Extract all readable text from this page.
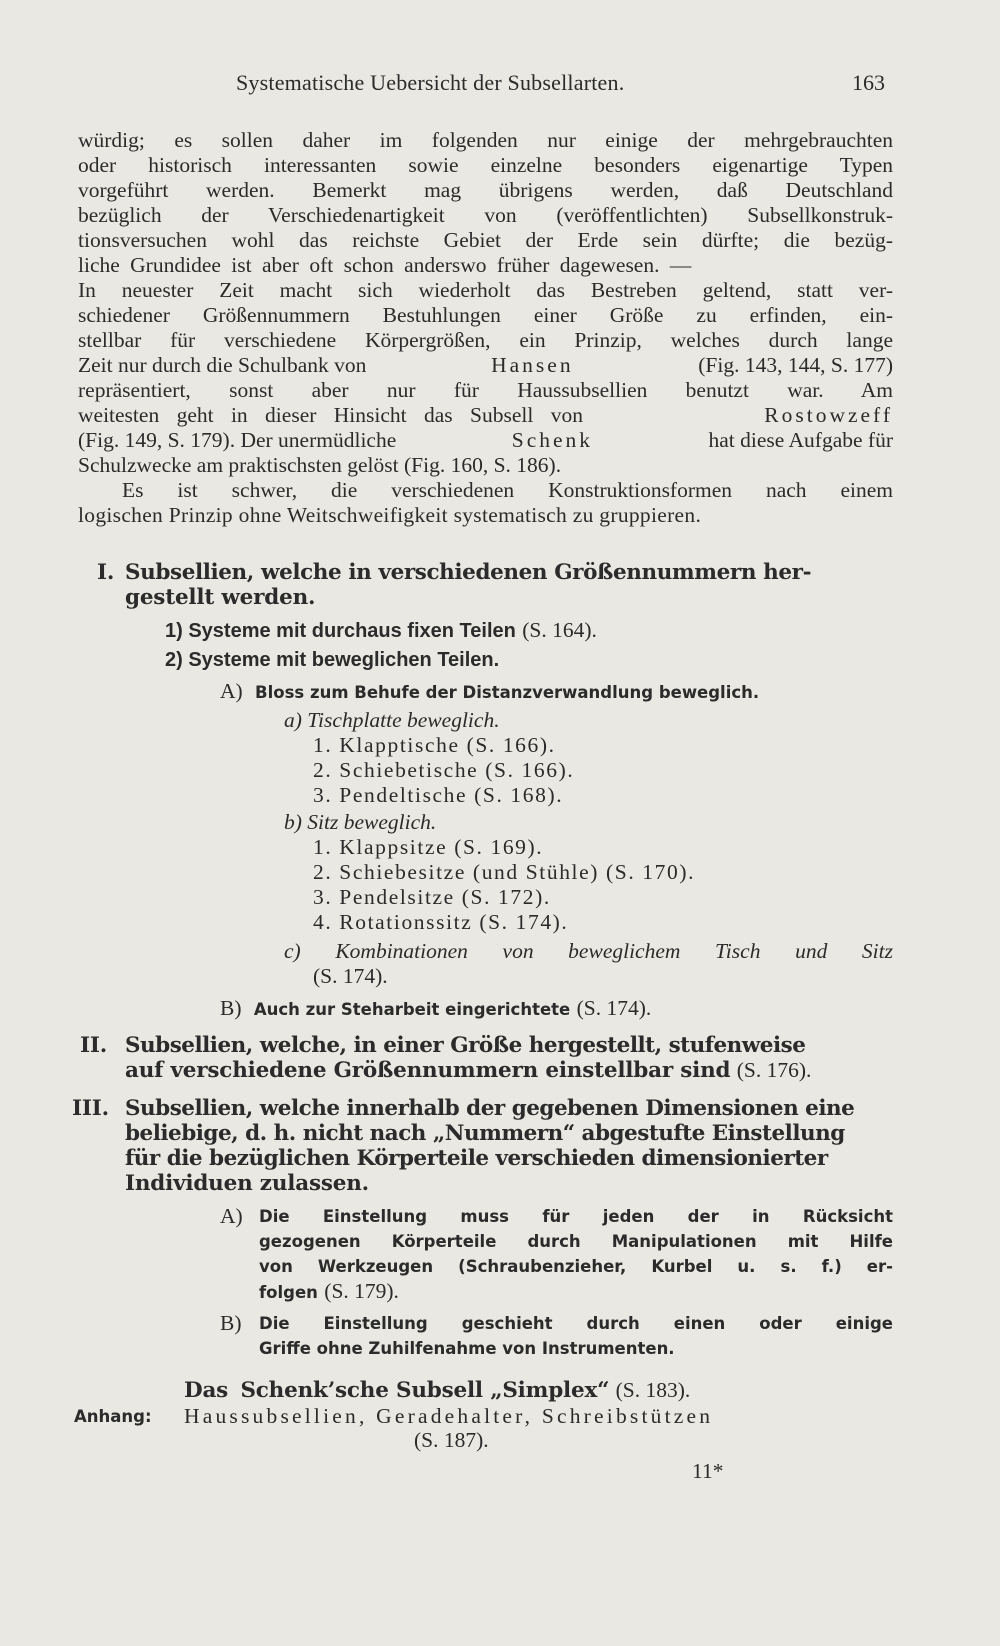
Systematische Uebersicht der Subsellarten.	163
würdig; es sollen daher im folgenden nur einige der mehrgebrauchten
oder historisch interessanten sowie einzelne besonders eigenartige Typen
vorgeführt werden. Bemerkt mag übrigens werden, daß Deutschland
bezüglich der Verschiedenartigkeit von (veröffentlichten) Subsellkonstruk-
tionsversuchen wohl das reichste Gebiet der Erde sein dürfte; die bezüg-
liche Grundidee ist aber oft schon anderswo früher dagewesen. —
In neuester Zeit macht sich wiederholt das Bestreben geltend, statt ver-
schiedener Größennummern Bestuhlungen einer Größe zu erfinden, ein-
stellbar für verschiedene Körpergrößen, ein Prinzip, welches durch lange
Zeit nur durch die Schulbank von	Hansen	(Fig. 143, 144, S. 177)
repräsentiert, sonst aber nur für Haussubsellien benutzt war. Am
weitesten geht in dieser Hinsicht das Subsell von	Rostowzeff
(Fig. 149, S. 179). Der unermüdliche	Schenk	hat diese Aufgabe für
Schulzwecke am praktischsten gelöst (Fig. 160, S. 186).
Es ist schwer, die verschiedenen Konstruktionsformen nach einem
logischen Prinzip ohne Weitschweifigkeit systematisch zu gruppieren.
I. Subsellien, welche in verschiedenen Größennummern her-
gestellt werden.
1) Systeme mit durchaus fixen Teilen (S. 164).
2) Systeme mit beweglichen Teilen.
A) Bloss zum Behufe der Distanzverwandlung beweglich.
a) Tischplatte beweglich.
1. Klapptische (S. 166).
2. Schiebetische (S. 166).
3. Pendeltische (S. 168).
b) Sitz beweglich.
1. Klappsitze (S. 169).
2. Schiebesitze (und Stühle) (S. 170).
3. Pendelsitze (S. 172).
4. Rotationssitz (S. 174).
c) Kombinationen von beweglichem Tisch und Sitz
(S. 174).
B) Auch zur Steharbeit eingerichtete (S. 174).
II. Subsellien, welche, in einer Größe hergestellt, stufenweise
auf verschiedene Größennummern einstellbar sind (S. 176).
III. Subsellien, welche innerhalb der gegebenen Dimensionen eine
beliebige, d. h. nicht nach „Nummern“ abgestufte Einstellung
für die bezüglichen Körperteile verschieden dimensionierter
Individuen zulassen.
A) Die Einstellung muss für jeden der in Rücksicht
gezogenen Körperteile durch Manipulationen mit Hilfe
von Werkzeugen (Schraubenzieher, Kurbel u. s. f.) er-
folgen (S. 179).
B) Die Einstellung geschieht durch einen oder einige
Griffe ohne Zuhilfenahme von Instrumenten.
Das Schenk’sche Subsell „Simplex“ (S. 183).
Anhang: Haussubsellien, Geradehalter, Schreibstützen
(S. 187).
11*
